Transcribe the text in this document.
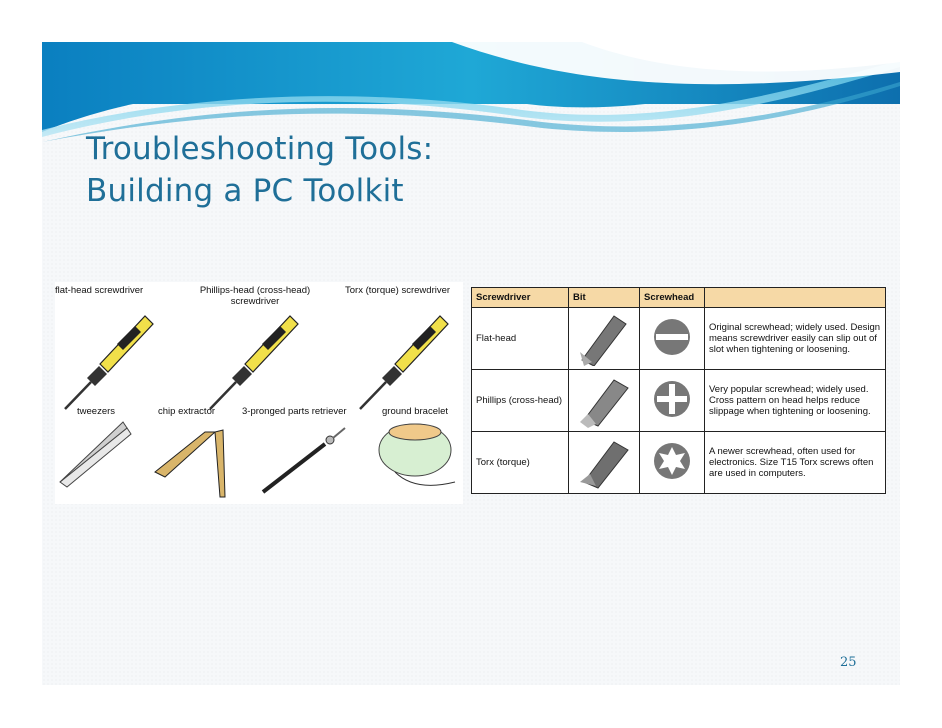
Troubleshooting Tools:
Building a PC Toolkit
flat-head screwdriver	Phillips-head (cross-head)
screwdriver
Torx (torque) screwdriver
tweezers	chip extractor	3-pronged parts retriever	ground bracelet
Screwdriver	Bit	Screwhead	
Flat-head			Original screwhead; widely used. Design means screwdriver easily can slip out of slot when tightening or loosening.
Phillips (cross-head)			Very popular screwhead; widely used. Cross pattern on head helps reduce slippage when tightening or loosening.
Torx (torque)			A newer screwhead, often used for electronics. Size T15 Torx screws often are used in computers.
25
